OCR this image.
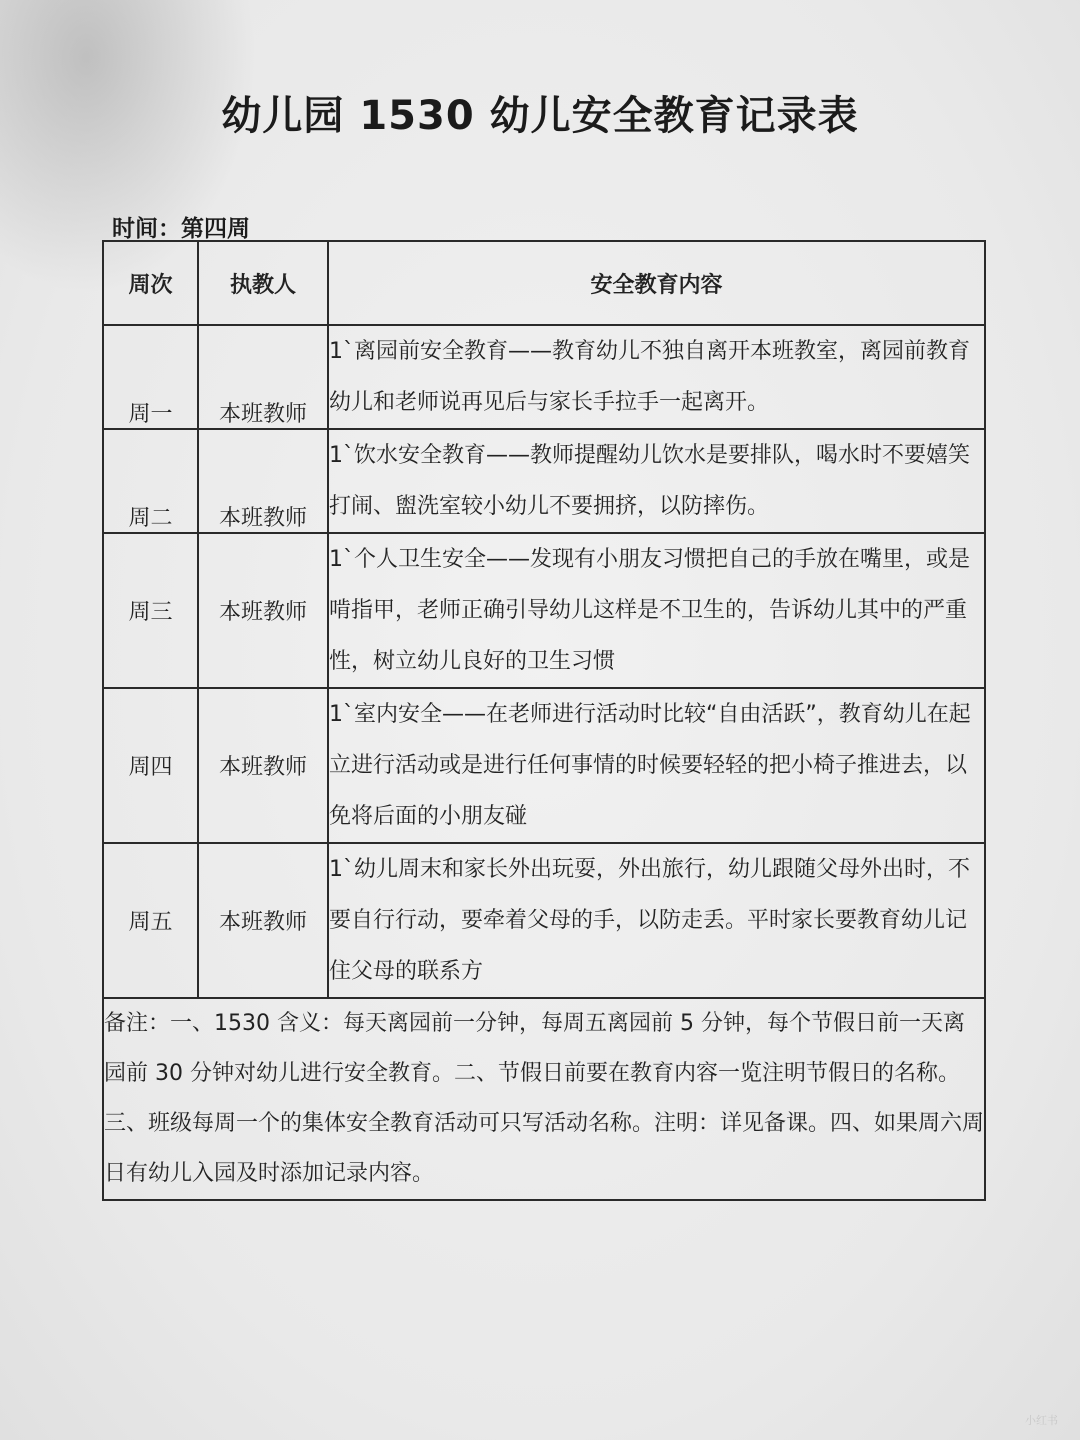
幼儿园 1530 幼儿安全教育记录表
时间：第四周
周次	执教人	安全教育内容
周一	本班教师	1`离园前安全教育——教育幼儿不独自离开本班教室，离园前教育幼儿和老师说再见后与家长手拉手一起离开。
周二	本班教师	1`饮水安全教育——教师提醒幼儿饮水是要排队，喝水时不要嬉笑打闹、盥洗室较小幼儿不要拥挤，以防摔伤。
周三	本班教师	1`个人卫生安全——发现有小朋友习惯把自己的手放在嘴里，或是啃指甲，老师正确引导幼儿这样是不卫生的，告诉幼儿其中的严重性，树立幼儿良好的卫生习惯
周四	本班教师	1`室内安全——在老师进行活动时比较“自由活跃”，教育幼儿在起立进行活动或是进行任何事情的时候要轻轻的把小椅子推进去，以免将后面的小朋友碰
周五	本班教师	1`幼儿周末和家长外出玩耍，外出旅行，幼儿跟随父母外出时，不要自行行动，要牵着父母的手，以防走丢。平时家长要教育幼儿记住父母的联系方
备注：一、1530 含义：每天离园前一分钟，每周五离园前 5 分钟，每个节假日前一天离园前 30 分钟对幼儿进行安全教育。二、节假日前要在教育内容一览注明节假日的名称。三、班级每周一个的集体安全教育活动可只写活动名称。注明：详见备课。四、如果周六周日有幼儿入园及时添加记录内容。		
小红书
